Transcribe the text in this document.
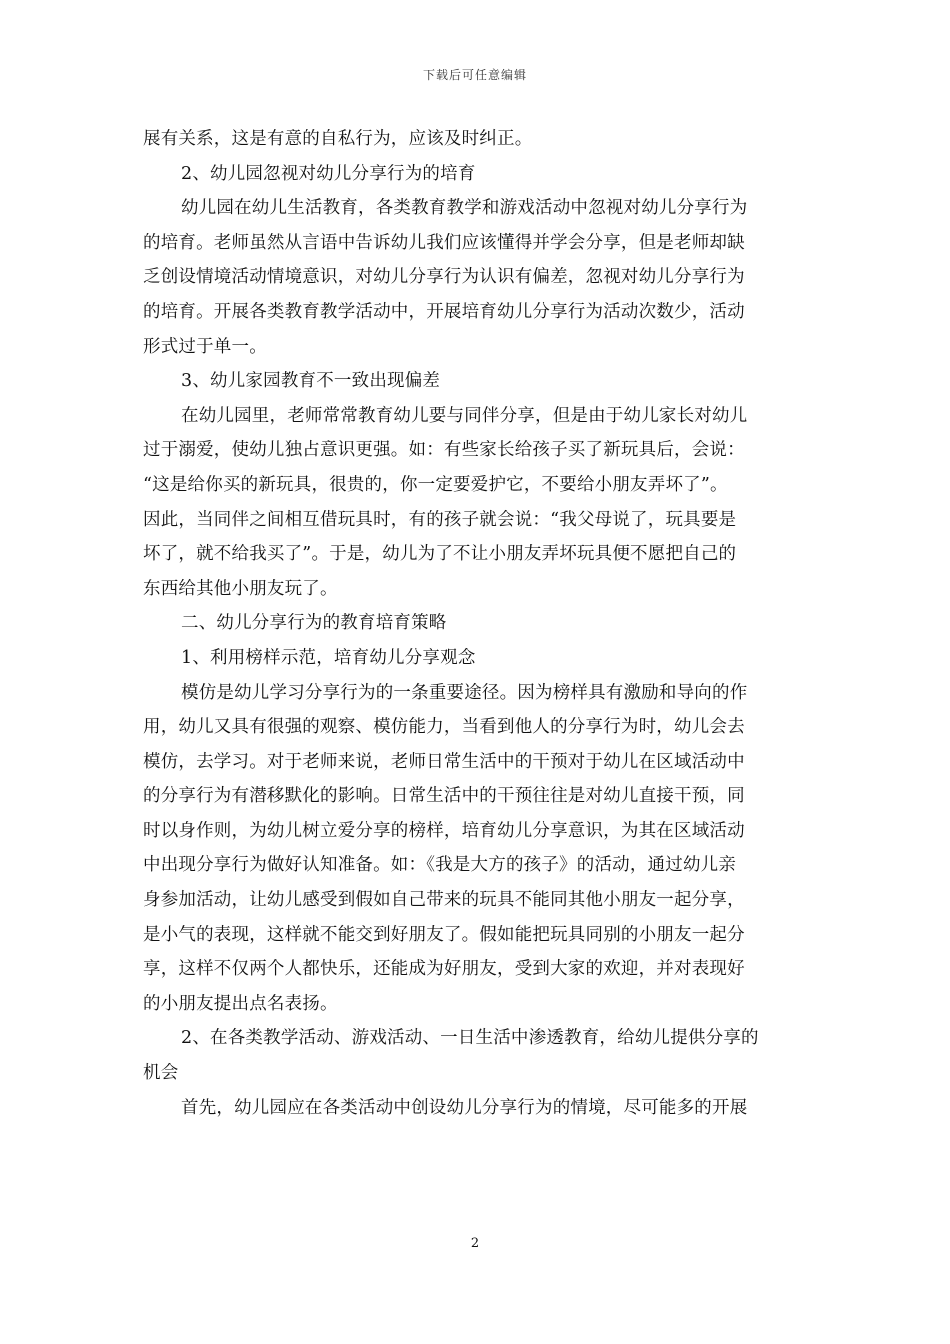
下载后可任意编辑
展有关系，这是有意的自私行为，应该及时纠正。
2、幼儿园忽视对幼儿分享行为的培育
幼儿园在幼儿生活教育，各类教育教学和游戏活动中忽视对幼儿分享行为
的培育。老师虽然从言语中告诉幼儿我们应该懂得并学会分享，但是老师却缺
乏创设情境活动情境意识，对幼儿分享行为认识有偏差，忽视对幼儿分享行为
的培育。开展各类教育教学活动中，开展培育幼儿分享行为活动次数少，活动
形式过于单一。
3、幼儿家园教育不一致出现偏差
在幼儿园里，老师常常教育幼儿要与同伴分享，但是由于幼儿家长对幼儿
过于溺爱，使幼儿独占意识更强。如：有些家长给孩子买了新玩具后，会说：
“这是给你买的新玩具，很贵的，你一定要爱护它，不要给小朋友弄坏了”。
因此，当同伴之间相互借玩具时，有的孩子就会说：“我父母说了，玩具要是
坏了，就不给我买了”。于是，幼儿为了不让小朋友弄坏玩具便不愿把自己的
东西给其他小朋友玩了。
二、幼儿分享行为的教育培育策略
1、利用榜样示范，培育幼儿分享观念
模仿是幼儿学习分享行为的一条重要途径。因为榜样具有激励和导向的作
用，幼儿又具有很强的观察、模仿能力，当看到他人的分享行为时，幼儿会去
模仿，去学习。对于老师来说，老师日常生活中的干预对于幼儿在区域活动中
的分享行为有潜移默化的影响。日常生活中的干预往往是对幼儿直接干预，同
时以身作则，为幼儿树立爱分享的榜样，培育幼儿分享意识，为其在区域活动
中出现分享行为做好认知准备。如：《我是大方的孩子》的活动，通过幼儿亲
身参加活动，让幼儿感受到假如自己带来的玩具不能同其他小朋友一起分享，
是小气的表现，这样就不能交到好朋友了。假如能把玩具同别的小朋友一起分
享，这样不仅两个人都快乐，还能成为好朋友，受到大家的欢迎，并对表现好
的小朋友提出点名表扬。
2、在各类教学活动、游戏活动、一日生活中渗透教育，给幼儿提供分享的
机会
首先，幼儿园应在各类活动中创设幼儿分享行为的情境，尽可能多的开展
2
